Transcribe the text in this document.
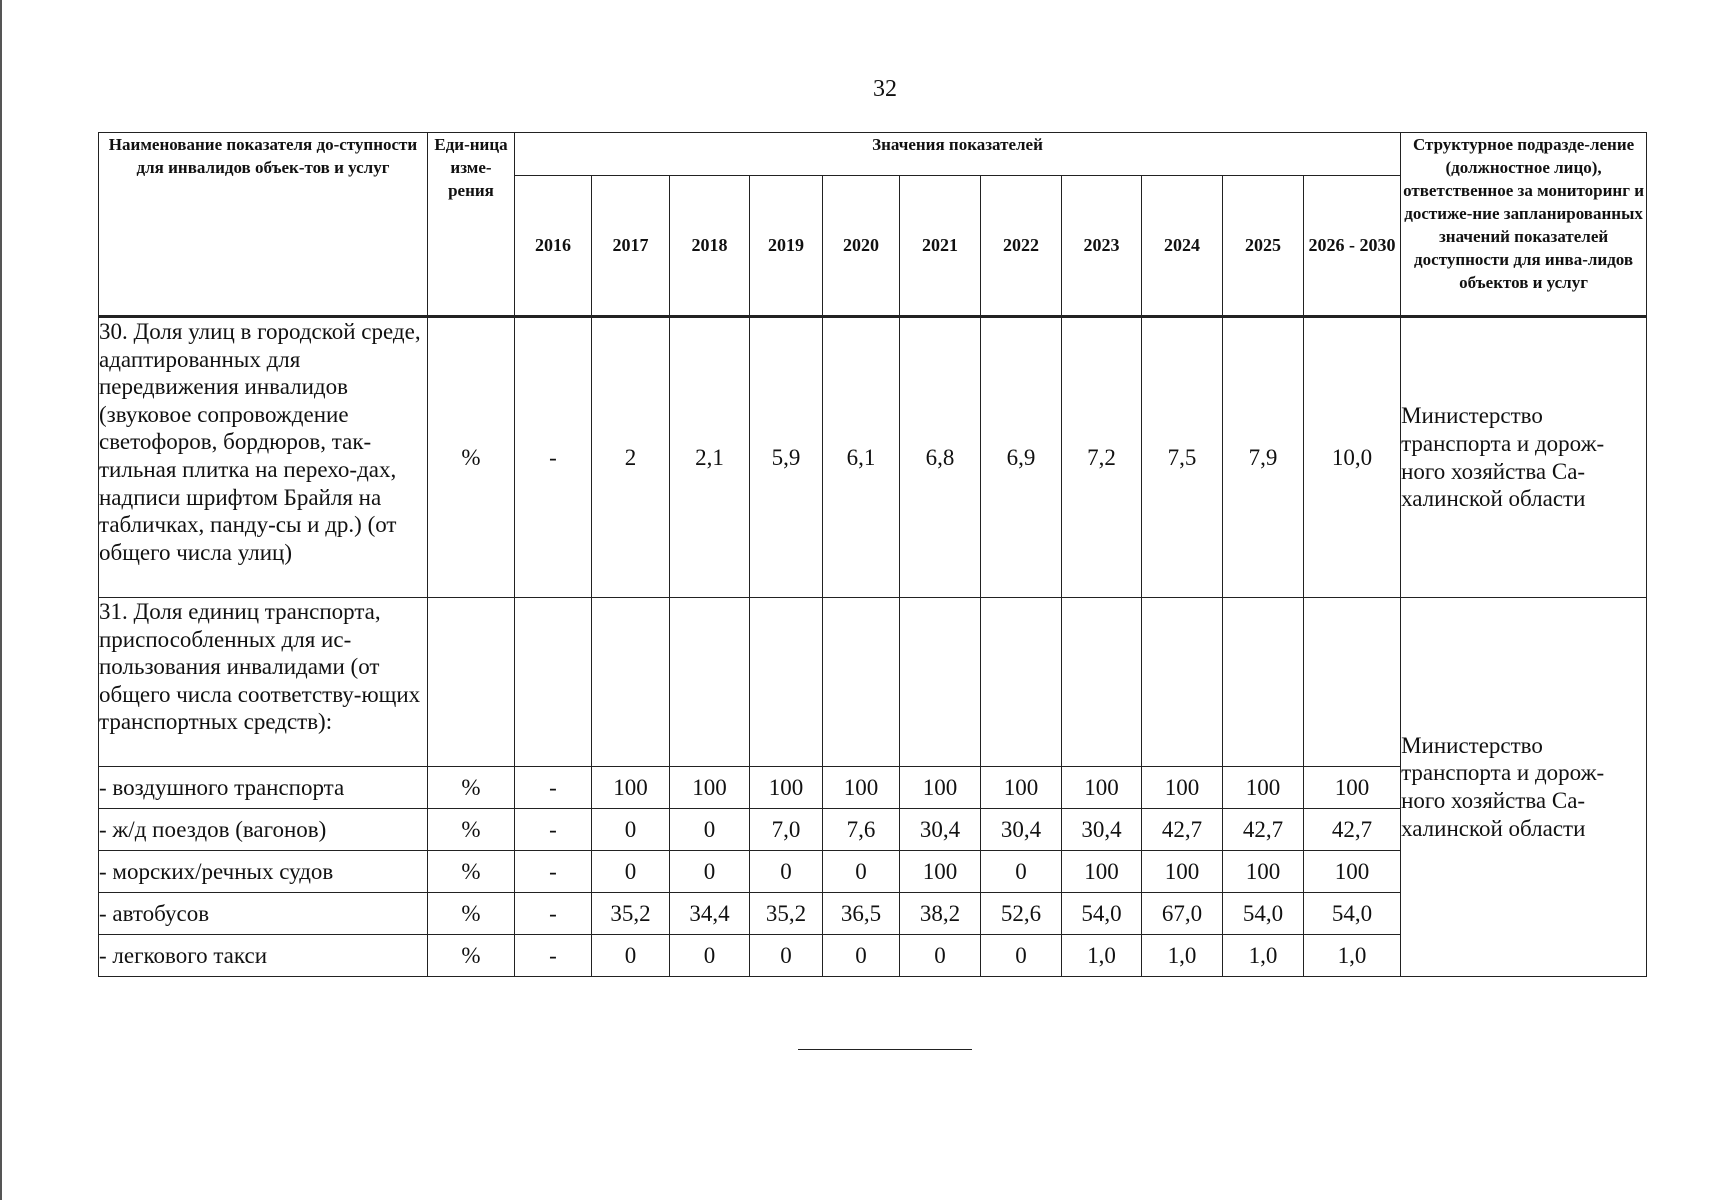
32
Наименование показателя до-ступности для инвалидов объек-тов и услуг	Еди-ница изме-рения	Значения показателей											Структурное подразде-ление (должностное лицо), ответственное за мониторинг и достиже-ние запланированных значений показателей доступности для инва-лидов объектов и услуг
		2016	2017	2018	2019	2020	2021	2022	2023	2024	2025	2026 - 2030	
30. Доля улиц в городской среде, адаптированных для передвижения инвалидов (звуковое сопровождение светофоров, бордюров, так-тильная плитка на перехо-дах, надписи шрифтом Брайля на табличках, панду-сы и др.) (от общего числа улиц)	%	-	2	2,1	5,9	6,1	6,8	6,9	7,2	7,5	7,9	10,0	Министерство транспорта и дорож-ного хозяйства Са-халинской области
31. Доля единиц транспорта, приспособленных для ис-пользования инвалидами (от общего числа соответству-ющих транспортных средств):													Министерство транспорта и дорож-ного хозяйства Са-халинской области
- воздушного транспорта	%	-	100	100	100	100	100	100	100	100	100	100	
- ж/д поездов (вагонов)	%	-	0	0	7,0	7,6	30,4	30,4	30,4	42,7	42,7	42,7	
- морских/речных судов	%	-	0	0	0	0	100	0	100	100	100	100	
- автобусов	%	-	35,2	34,4	35,2	36,5	38,2	52,6	54,0	67,0	54,0	54,0	
- легкового такси	%	-	0	0	0	0	0	0	1,0	1,0	1,0	1,0	
